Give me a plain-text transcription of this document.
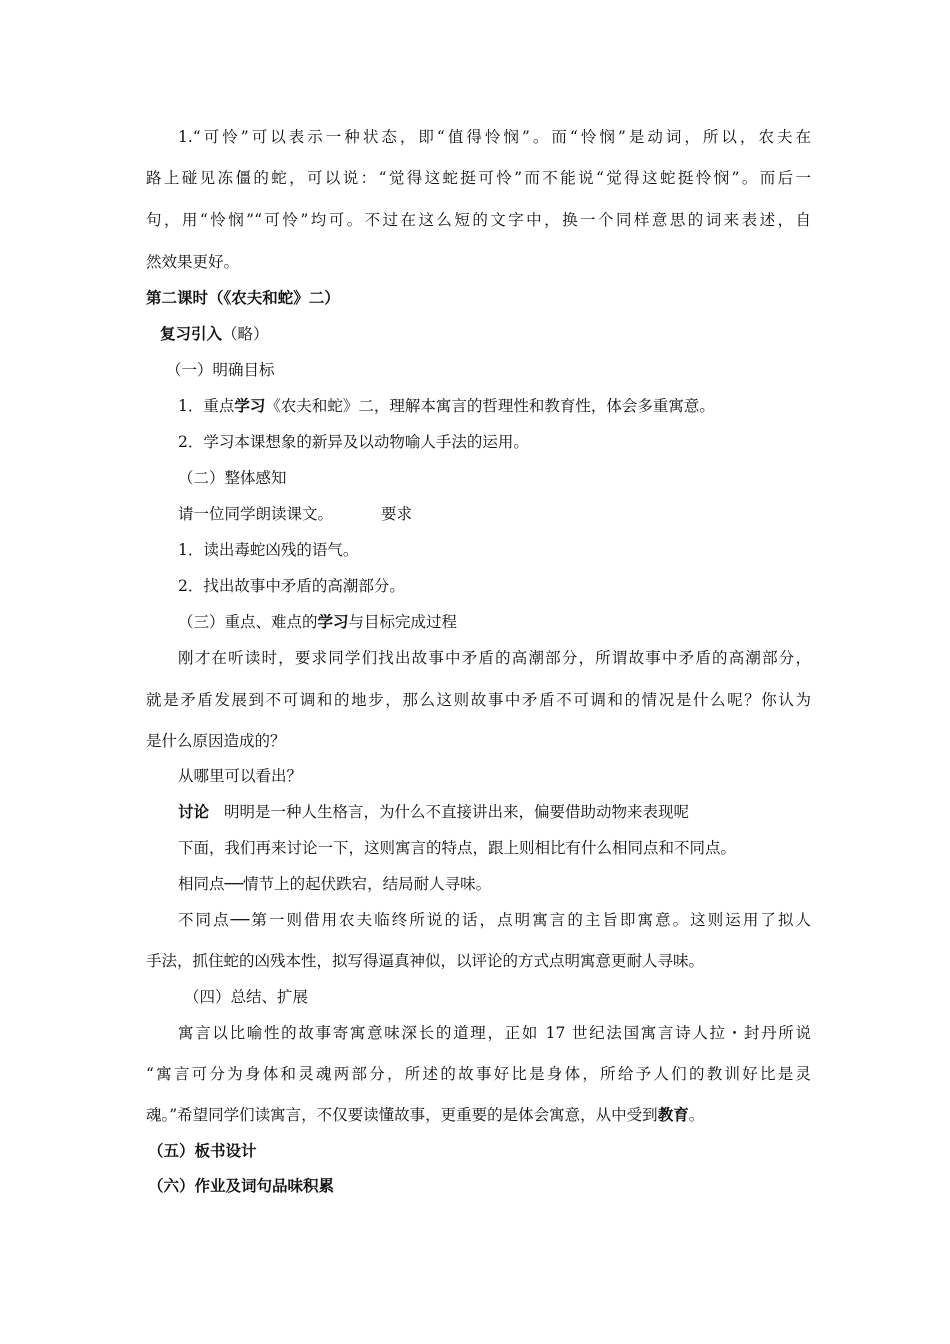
1.“可怜”可以表示一种状态，即“值得怜悯”。而“怜悯”是动词，所以，农夫在
路上碰见冻僵的蛇，可以说：“觉得这蛇挺可怜”而不能说“觉得这蛇挺怜悯”。而后一
句，用“怜悯”“可怜”均可。不过在这么短的文字中，换一个同样意思的词来表述，自
然效果更好。
第二课时（《农夫和蛇》二）
复习引入（略）
（一）明确目标
1．重点学习《农夫和蛇》二，理解本寓言的哲理性和教育性，体会多重寓意。
2．学习本课想象的新异及以动物喻人手法的运用。
（二）整体感知
请一位同学朗读课文。	要求
1．读出毒蛇凶残的语气。
2．找出故事中矛盾的高潮部分。
（三）重点、难点的学习与目标完成过程
刚才在听读时，要求同学们找出故事中矛盾的高潮部分，所谓故事中矛盾的高潮部分，
就是矛盾发展到不可调和的地步，那么这则故事中矛盾不可调和的情况是什么呢？你认为
是什么原因造成的？
从哪里可以看出？
讨论 明明是一种人生格言，为什么不直接讲出来，偏要借助动物来表现呢
下面，我们再来讨论一下，这则寓言的特点，跟上则相比有什么相同点和不同点。
相同点──情节上的起伏跌宕，结局耐人寻味。
不同点──第一则借用农夫临终所说的话，点明寓言的主旨即寓意。这则运用了拟人
手法，抓住蛇的凶残本性，拟写得逼真神似，以评论的方式点明寓意更耐人寻味。
（四）总结、扩展
寓言以比喻性的故事寄寓意味深长的道理，正如 17 世纪法国寓言诗人拉・封丹所说
“寓言可分为身体和灵魂两部分，所述的故事好比是身体，所给予人们的教训好比是灵
魂。”希望同学们读寓言，不仅要读懂故事，更重要的是体会寓意，从中受到教育。
（五）板书设计
（六）作业及词句品味积累
